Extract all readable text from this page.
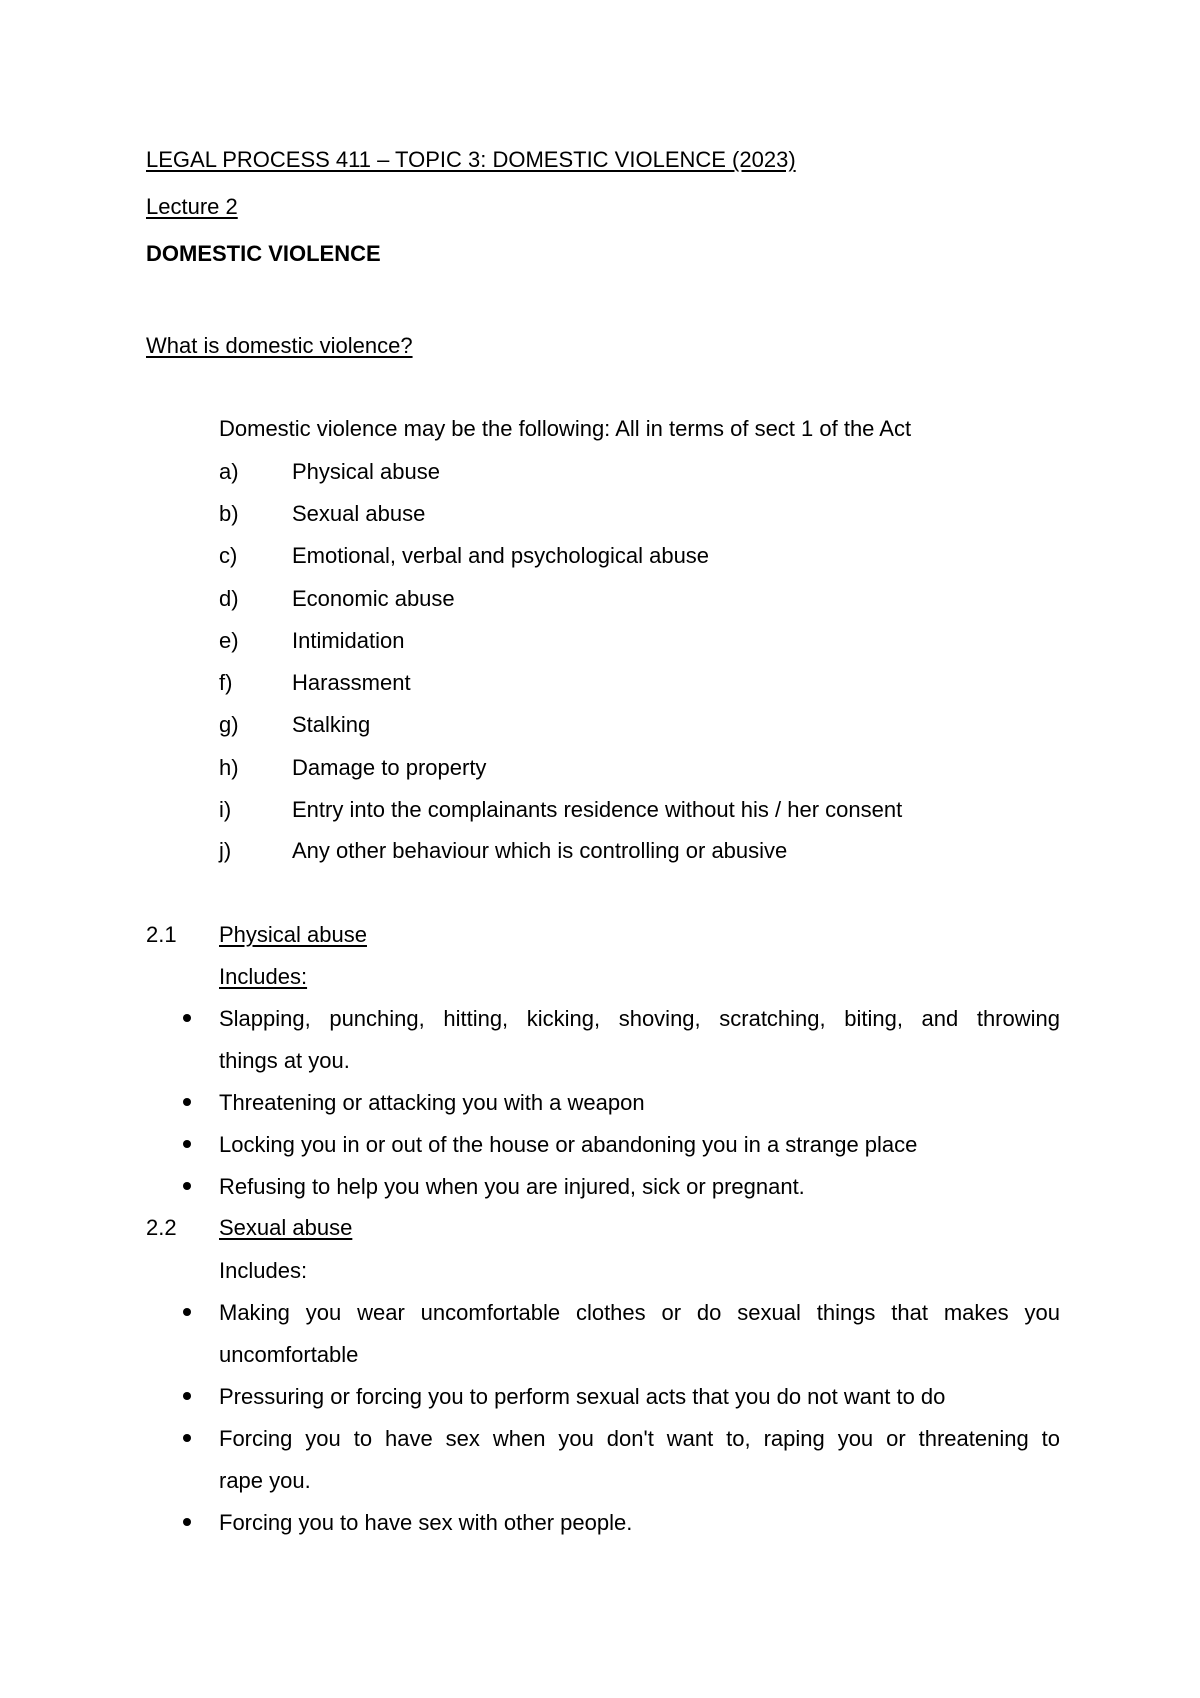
LEGAL PROCESS 411 – TOPIC 3: DOMESTIC VIOLENCE (2023)
Lecture 2
DOMESTIC VIOLENCE
What is domestic violence?
Domestic violence may be the following: All in terms of sect 1 of the Act
a) Physical abuse
b) Sexual abuse
c) Emotional, verbal and psychological abuse
d) Economic abuse
e) Intimidation
f)	Harassment
g) Stalking
h) Damage to property
i)	Entry into the complainants residence without his / her consent
j)	Any other behaviour which is controlling or abusive
2.1 Physical abuse
Includes:
Slapping, punching, hitting, kicking, shoving, scratching, biting, and throwing
things at you.
Threatening or attacking you with a weapon
Locking you in or out of the house or abandoning you in a strange place
Refusing to help you when you are injured, sick or pregnant.
2.2 Sexual abuse
Includes:
Making you wear uncomfortable clothes or do sexual things that makes you
uncomfortable
Pressuring or forcing you to perform sexual acts that you do not want to do
Forcing you to have sex when you don't want to, raping you or threatening to
rape you.
Forcing you to have sex with other people.
